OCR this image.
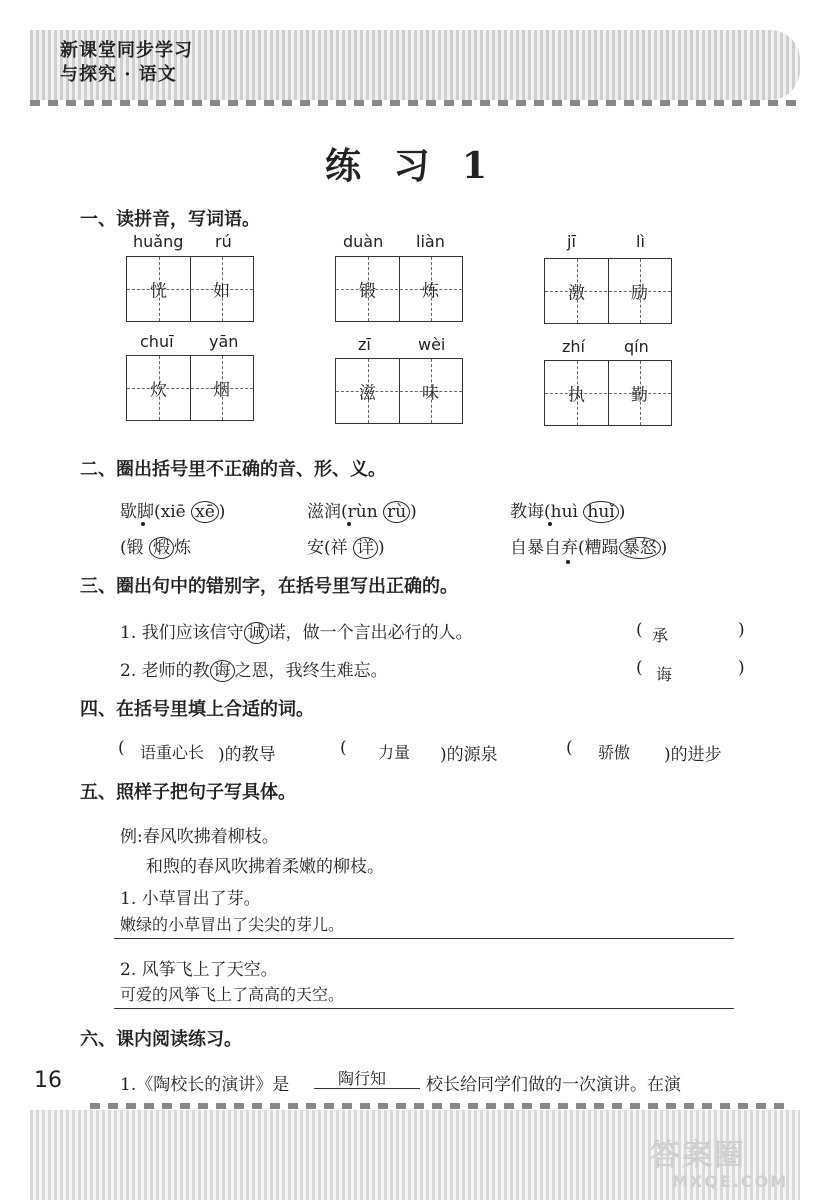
新课堂同步学习
与探究 · 语文
练 习 1
一、读拼音，写词语。
huǎng rú
恍	如
duàn liàn
锻	炼
jī	lì
激	励
chuī yān
炊	烟
zī	wèi
滋	味
zhí qín
执	勤
二、圈出括号里不正确的音、形、义。
歇脚(xiē xē )	滋润(rùn rù )	教诲(huì huǐ )
(锻 煅 炼	安(祥 详 )	自暴自弃(糟蹋 暴怒 )
三、圈出句中的错别字，在括号里写出正确的。
1. 我们应该信守 诚 诺，做一个言出必行的人。	( 承	)
2. 老师的教 诲 之恩，我终生难忘。	( 诲	)
四、在括号里填上合适的词。
( 语重心长 )的教导	( 力量 )的源泉	( 骄傲 )的进步
五、照样子把句子写具体。
例:春风吹拂着柳枝。
和煦的春风吹拂着柔嫩的柳枝。
1. 小草冒出了芽。
嫩绿的小草冒出了尖尖的芽儿。
2. 风筝飞上了天空。
可爱的风筝飞上了高高的天空。
六、课内阅读练习。
1.《陶校长的演讲》是	陶行知 校长给同学们做的一次演讲。在演
16
答案圈
MXQE.COM
